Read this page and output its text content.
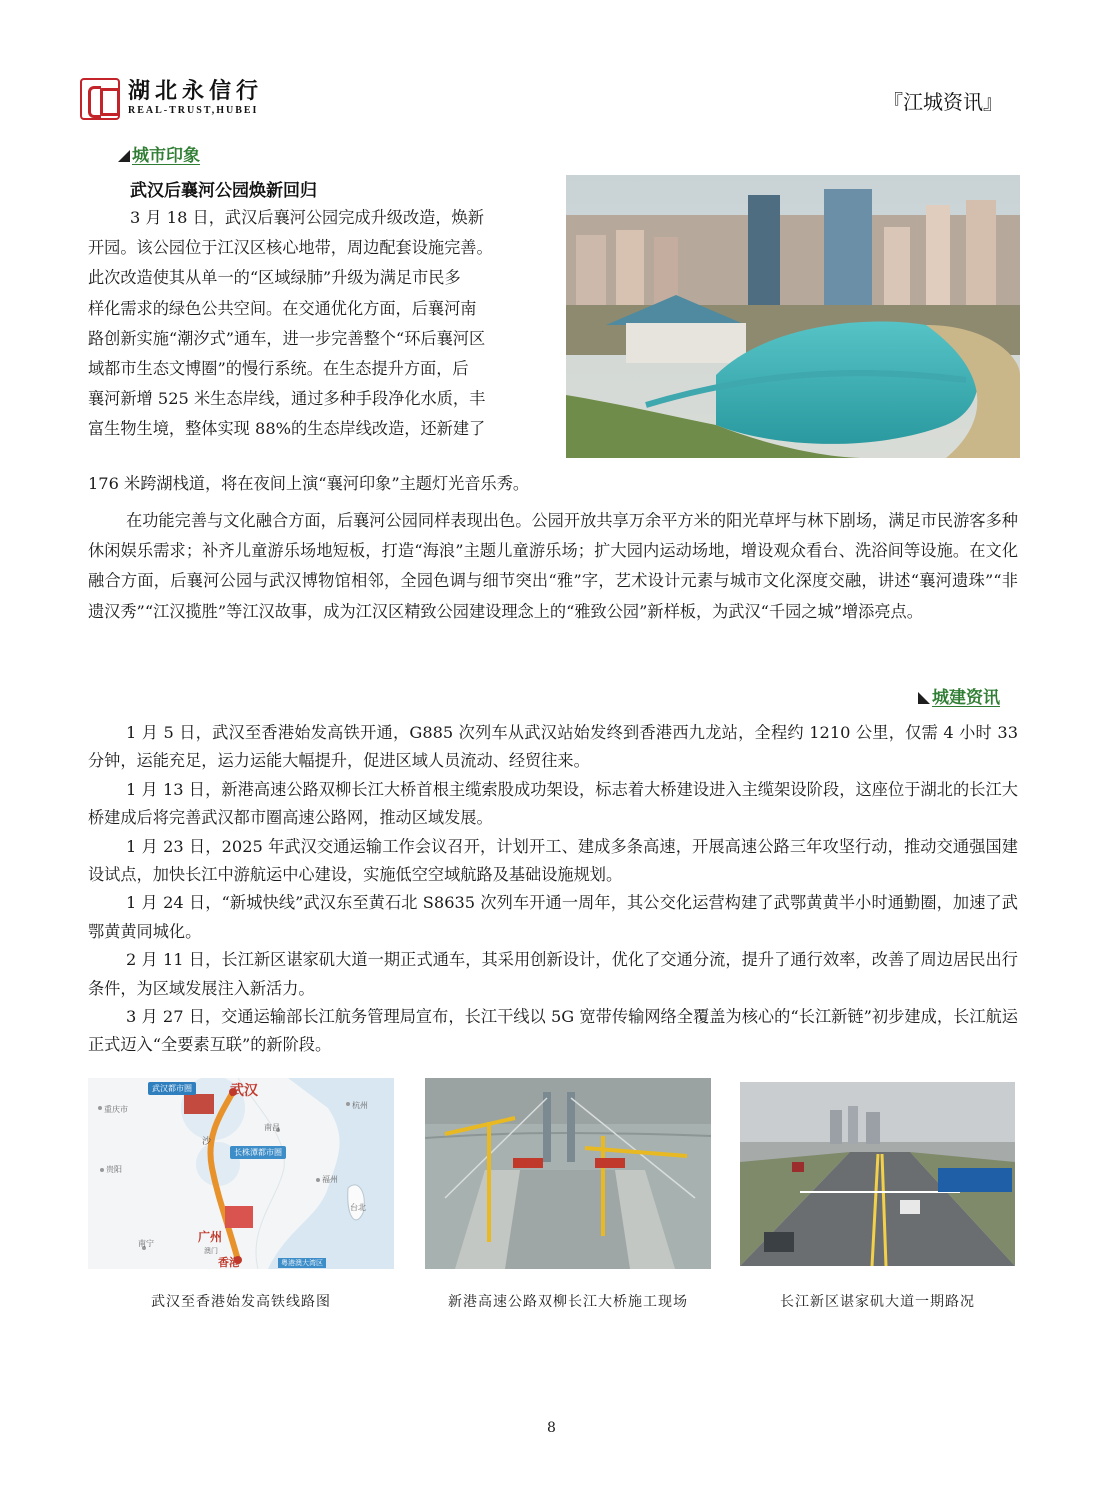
湖北永信行
REAL-TRUST,HUBEI	『江城资讯』
城市印象
武汉后襄河公园焕新回归
3 月 18 日，武汉后襄河公园完成升级改造，焕新
开园。该公园位于江汉区核心地带，周边配套设施完善。
此次改造使其从单一的“区域绿肺”升级为满足市民多
样化需求的绿色公共空间。在交通优化方面，后襄河南
路创新实施“潮汐式”通车，进一步完善整个“环后襄河区
域都市生态文博圈”的慢行系统。在生态提升方面，后
襄河新增 525 米生态岸线，通过多种手段净化水质，丰
富生物生境，整体实现 88%的生态岸线改造，还新建了
176 米跨湖栈道，将在夜间上演“襄河印象”主题灯光音乐秀。
在功能完善与文化融合方面，后襄河公园同样表现出色。公园开放共享万余平方米的阳光草坪与林下剧场，满足市民游客多种休闲娱乐需求；补齐儿童游乐场地短板，打造“海浪”主题儿童游乐场；扩大园内运动场地，增设观众看台、洗浴间等设施。在文化融合方面，后襄河公园与武汉博物馆相邻，全园色调与细节突出“雅”字，艺术设计元素与城市文化深度交融，讲述“襄河遗珠”“非遗汉秀”“江汉揽胜”等江汉故事，成为江汉区精致公园建设理念上的“雅致公园”新样板，为武汉“千园之城”增添亮点。
城建资讯
1 月 5 日，武汉至香港始发高铁开通，G885 次列车从武汉站始发终到香港西九龙站，全程约 1210 公里，仅需 4 小时 33 分钟，运能充足，运力运能大幅提升，促进区域人员流动、经贸往来。
1 月 13 日，新港高速公路双柳长江大桥首根主缆索股成功架设，标志着大桥建设进入主缆架设阶段，这座位于湖北的长江大桥建成后将完善武汉都市圈高速公路网，推动区域发展。
1 月 23 日，2025 年武汉交通运输工作会议召开，计划开工、建成多条高速，开展高速公路三年攻坚行动，推动交通强国建设试点，加快长江中游航运中心建设，实施低空空域航路及基础设施规划。
1 月 24 日，“新城快线”武汉东至黄石北 S8635 次列车开通一周年，其公交化运营构建了武鄂黄黄半小时通勤圈，加速了武鄂黄黄同城化。
2 月 11 日，长江新区谌家矶大道一期正式通车，其采用创新设计，优化了交通分流，提升了通行效率，改善了周边居民出行条件，为区域发展注入新活力。
3 月 27 日，交通运输部长江航务管理局宣布，长江干线以 5G 宽带传输网络全覆盖为核心的“长江新链”初步建成，长江航运正式迈入“全要素互联”的新阶段。
武汉都市圈	武汉
长株潭都市圈
沙
广州
香港	粤港澳大湾区
重庆市	杭州
南昌
贵阳
福州
台北
南宁
澳门
武汉至香港始发高铁线路图	新港高速公路双柳长江大桥施工现场	长江新区谌家矶大道一期路况
8
